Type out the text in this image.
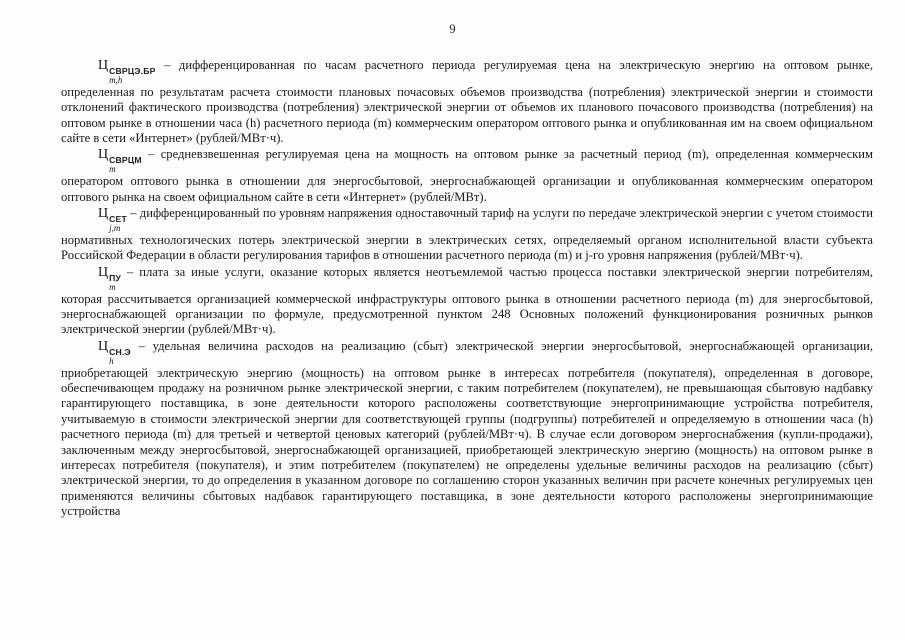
9

Ц СВРЦЭ.БР
m,h
– дифференцированная по часам расчетного периода регулируемая цена на электрическую энергию на оптовом рынке, определенная по результатам расчета стоимости плановых почасовых объемов производства (потребления) электрической энергии и стоимости отклонений фактического производства (потребления) электрической энергии от объемов их планового почасового производства (потребления) на оптовом рынке в отношении часа (h) расчетного периода (m) коммерческим оператором оптового рынка и опубликованная им на своем официальном сайте в сети «Интернет» (рублей/МВт·ч).

Ц СВРЦМ
m
– средневзвешенная регулируемая цена на мощность на оптовом рынке за расчетный период (m), определенная коммерческим оператором оптового рынка в отношении для энергосбытовой, энергоснабжающей организации и опубликованная коммерческим оператором оптового рынка на своем официальном сайте в сети «Интернет» (рублей/МВт).

Ц СЕТ
j,m
– дифференцированный по уровням напряжения одноставочный тариф на услуги по передаче электрической энергии с учетом стоимости нормативных технологических потерь электрической энергии в электрических сетях, определяемый органом исполнительной власти субъекта Российской Федерации в области регулирования тарифов в отношении расчетного периода (m) и j-го уровня напряжения (рублей/МВт·ч).

Ц ПУ
m
– плата за иные услуги, оказание которых является неотъемлемой частью процесса поставки электрической энергии потребителям, которая рассчитывается организацией коммерческой инфраструктуры оптового рынка в отношении расчетного периода (m) для энергосбытовой, энергоснабжающей организации по формуле, предусмотренной пунктом 248 Основных положений функционирования розничных рынков электрической энергии (рублей/МВт·ч).

Ц СН.Э
h
– удельная величина расходов на реализацию (сбыт) электрической энергии энергосбытовой, энергоснабжающей организации, приобретающей электрическую энергию (мощность) на оптовом рынке в интересах потребителя (покупателя), определенная в договоре, обеспечивающем продажу на розничном рынке электрической энергии, с таким потребителем (покупателем), не превышающая сбытовую надбавку гарантирующего поставщика, в зоне деятельности которого расположены соответствующие энергопринимающие устройства потребителя, учитываемую в стоимости электрической энергии для соответствующей группы (подгруппы) потребителей и определяемую в отношении часа (h) расчетного периода (m) для третьей и четвертой ценовых категорий (рублей/МВт·ч). В случае если договором энергоснабжения (купли-продажи), заключенным между энергосбытовой, энергоснабжающей организацией, приобретающей электрическую энергию (мощность) на оптовом рынке в интересах потребителя (покупателя), и этим потребителем (покупателем) не определены удельные величины расходов на реализацию (сбыт) электрической энергии, то до определения в указанном договоре по соглашению сторон указанных величин при расчете конечных регулируемых цен применяются величины сбытовых надбавок гарантирующего поставщика, в зоне деятельности которого расположены энергопринимающие устройства
